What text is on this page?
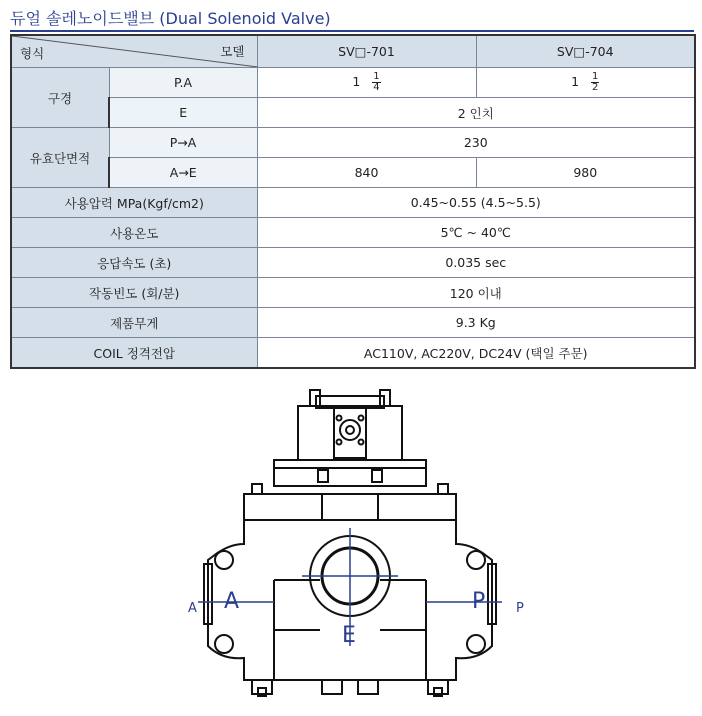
듀얼 솔레노이드밸브 (Dual Solenoid Valve)
모델
형식		SV□-701	SV□-704
구경	P.A	$1 \frac{1}{4}$	$1 \frac{1}{2}$

	E	2 인치	
유효단면적	P→A	230	
	A→E	840	980
사용압력 MPa(Kgf/cm2)		0.45~0.55 (4.5~5.5)	
사용온도		5℃ ~ 40℃	
응답속도 (초)		0.035 sec	
작동빈도 (회/분)		120 이내	
제품무게		9.3 Kg	
COIL 정격전압		AC110V, AC220V, DC24V (택일 주문)	
A A	P
P
E
